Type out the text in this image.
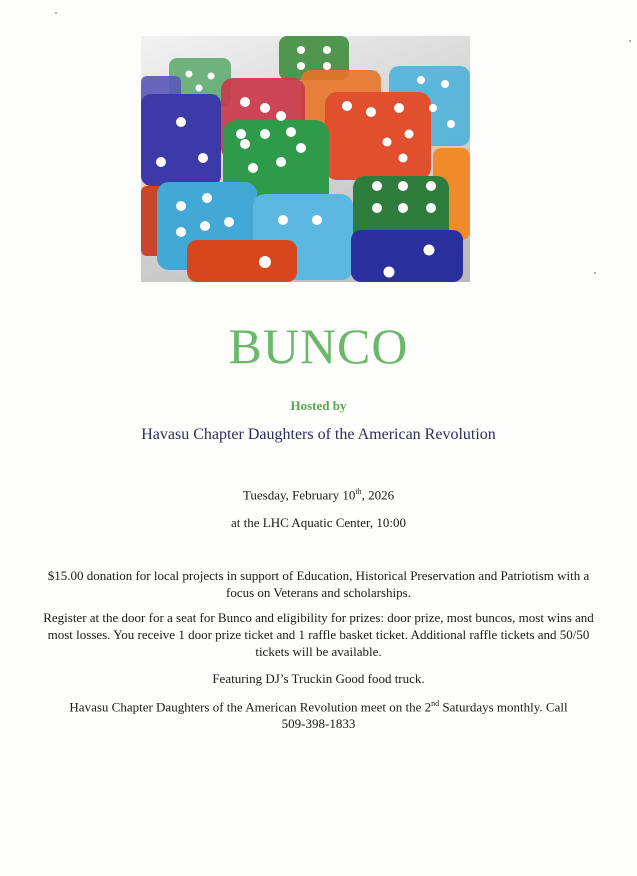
BUNCO
Hosted by
Havasu Chapter Daughters of the American Revolution
Tuesday, February 10th, 2026
at the LHC Aquatic Center, 10:00
$15.00 donation for local projects in support of Education, Historical Preservation and Patriotism with a focus on Veterans and scholarships.
Register at the door for a seat for Bunco and eligibility for prizes: door prize, most buncos, most wins and most losses. You receive 1 door prize ticket and 1 raffle basket ticket. Additional raffle tickets and 50/50 tickets will be available.
Featuring DJ’s Truckin Good food truck.
Havasu Chapter Daughters of the American Revolution meet on the 2nd Saturdays monthly. Call
509-398-1833
